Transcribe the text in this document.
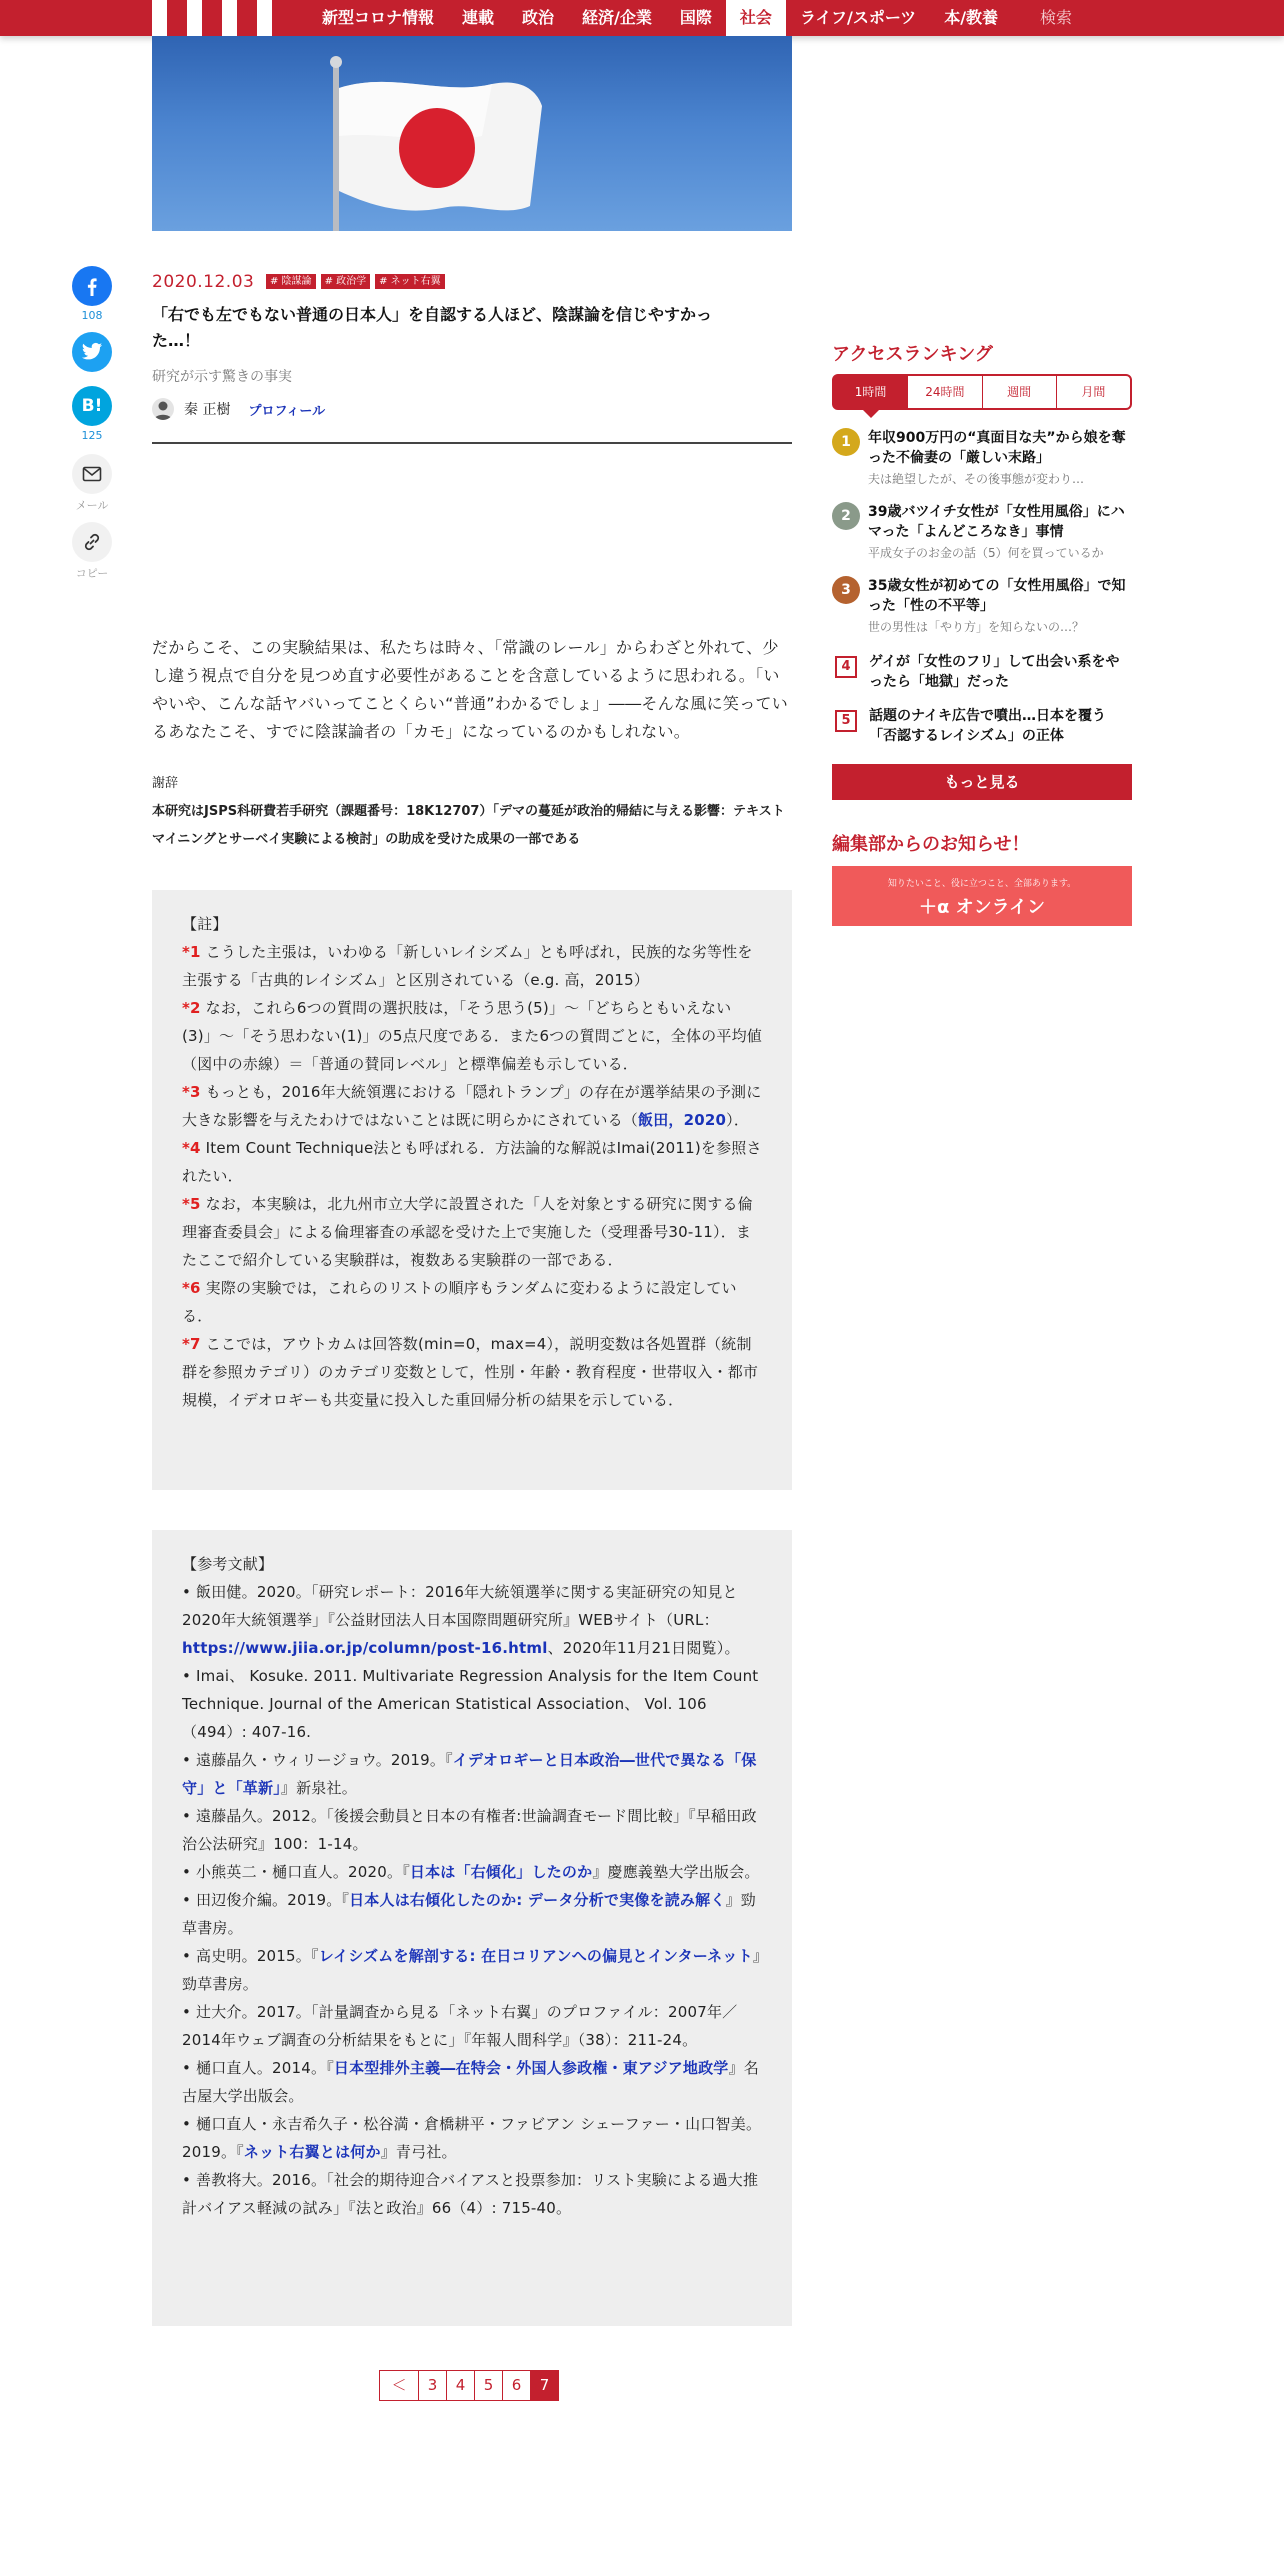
新型コロナ情報	連載	政治	経済/企業	国際	社会	ライフ/スポーツ	本/教養	検索
108
B!
125
メール
コピー
2020.12.03	# 陰謀論	# 政治学	# ネット右翼
「右でも左でもない普通の日本人」を自認する人ほど、陰謀論を信じやすかった…！
研究が示す驚きの事実
秦 正樹 プロフィール

だからこそ、この実験結果は、私たちは時々、「常識のレール」からわざと外れて、少し違う視点で自分を見つめ直す必要性があることを含意しているように思われる。「いやいや、こんな話ヤバいってことくらい“普通”わかるでしょ」――そんな風に笑っているあなたこそ、すでに陰謀論者の「カモ」になっているのかもしれない。

謝辞
本研究はJSPS科研費若手研究（課題番号：18K12707）「デマの蔓延が政治的帰結に与える影響：テキストマイニングとサーベイ実験による検討」の助成を受けた成果の一部である
【註】
*1 こうした主張は，いわゆる「新しいレイシズム」とも呼ばれ，民族的な劣等性を主張する「古典的レイシズム」と区別されている（e.g. 高，2015）
*2 なお，これら6つの質問の選択肢は，「そう思う(5)」〜「どちらともいえない(3)」〜「そう思わない(1)」の5点尺度である．また6つの質問ごとに，全体の平均値（図中の赤線）＝「普通の賛同レベル」と標準偏差も示している．
*3 もっとも，2016年大統領選における「隠れトランプ」の存在が選挙結果の予測に大きな影響を与えたわけではないことは既に明らかにされている（飯田，2020）．
*4 Item Count Technique法とも呼ばれる．方法論的な解説はImai(2011)を参照されたい．
*5 なお，本実験は，北九州市立大学に設置された「人を対象とする研究に関する倫理審査委員会」による倫理審査の承認を受けた上で実施した（受理番号30-11）．またここで紹介している実験群は，複数ある実験群の一部である．
*6 実際の実験では，これらのリストの順序もランダムに変わるように設定している．
*7 ここでは，アウトカムは回答数(min=0，max=4），説明変数は各処置群（統制群を参照カテゴリ）のカテゴリ変数として，性別・年齢・教育程度・世帯収入・都市規模，イデオロギーも共変量に投入した重回帰分析の結果を示している．
【参考文献】
• 飯田健。2020。「研究レポート：2016年大統領選挙に関する実証研究の知見と2020年大統領選挙」『公益財団法人日本国際問題研究所』WEBサイト（URL：https://www.jiia.or.jp/column/post-16.html、2020年11月21日閲覧）。
• Imai、 Kosuke. 2011. Multivariate Regression Analysis for the Item Count Technique. Journal of the American Statistical Association、 Vol. 106（494）: 407-16.
• 遠藤晶久・ウィリージョウ。2019。『イデオロギーと日本政治―世代で異なる「保守」と「革新」』新泉社。
• 遠藤晶久。2012。「後援会動員と日本の有権者:世論調査モード間比較」『早稲田政治公法研究』100：1-14。
• 小熊英二・樋口直人。2020。『日本は「右傾化」したのか』慶應義塾大学出版会。
• 田辺俊介編。2019。『日本人は右傾化したのか: データ分析で実像を読み解く』勁草書房。
• 高史明。2015。『レイシズムを解剖する: 在日コリアンへの偏見とインターネット』勁草書房。
• 辻大介。2017。「計量調査から見る「ネット右翼」のプロファイル：2007年／2014年ウェブ調査の分析結果をもとに」『年報人間科学』（38）：211-24。
• 樋口直人。2014。『日本型排外主義―在特会・外国人参政権・東アジア地政学』名古屋大学出版会。
• 樋口直人・永吉希久子・松谷満・倉橋耕平・ファビアン シェーファー・山口智美。2019。『ネット右翼とは何か』青弓社。
• 善教将大。2016。「社会的期待迎合バイアスと投票参加：リスト実験による過大推計バイアス軽減の試み」『法と政治』66（4）: 715-40。
＜	3	4	5	6	7
アクセスランキング
1時間	24時間	週間	月間
1	年収900万円の“真面目な夫”から娘を奪った不倫妻の「厳しい末路」
夫は絶望したが、その後事態が変わり…
2	39歳バツイチ女性が「女性用風俗」にハマった「よんどころなき」事情
平成女子のお金の話（5）何を買っているか
3	35歳女性が初めての「女性用風俗」で知った「性の不平等」
世の男性は「やり方」を知らないの…？
4	ゲイが「女性のフリ」して出会い系をやったら「地獄」だった
5	話題のナイキ広告で噴出…日本を覆う「否認するレイシズム」の正体
もっと見る
編集部からのお知らせ！
知りたいこと、役に立つこと、全部あります。
＋α オンライン
